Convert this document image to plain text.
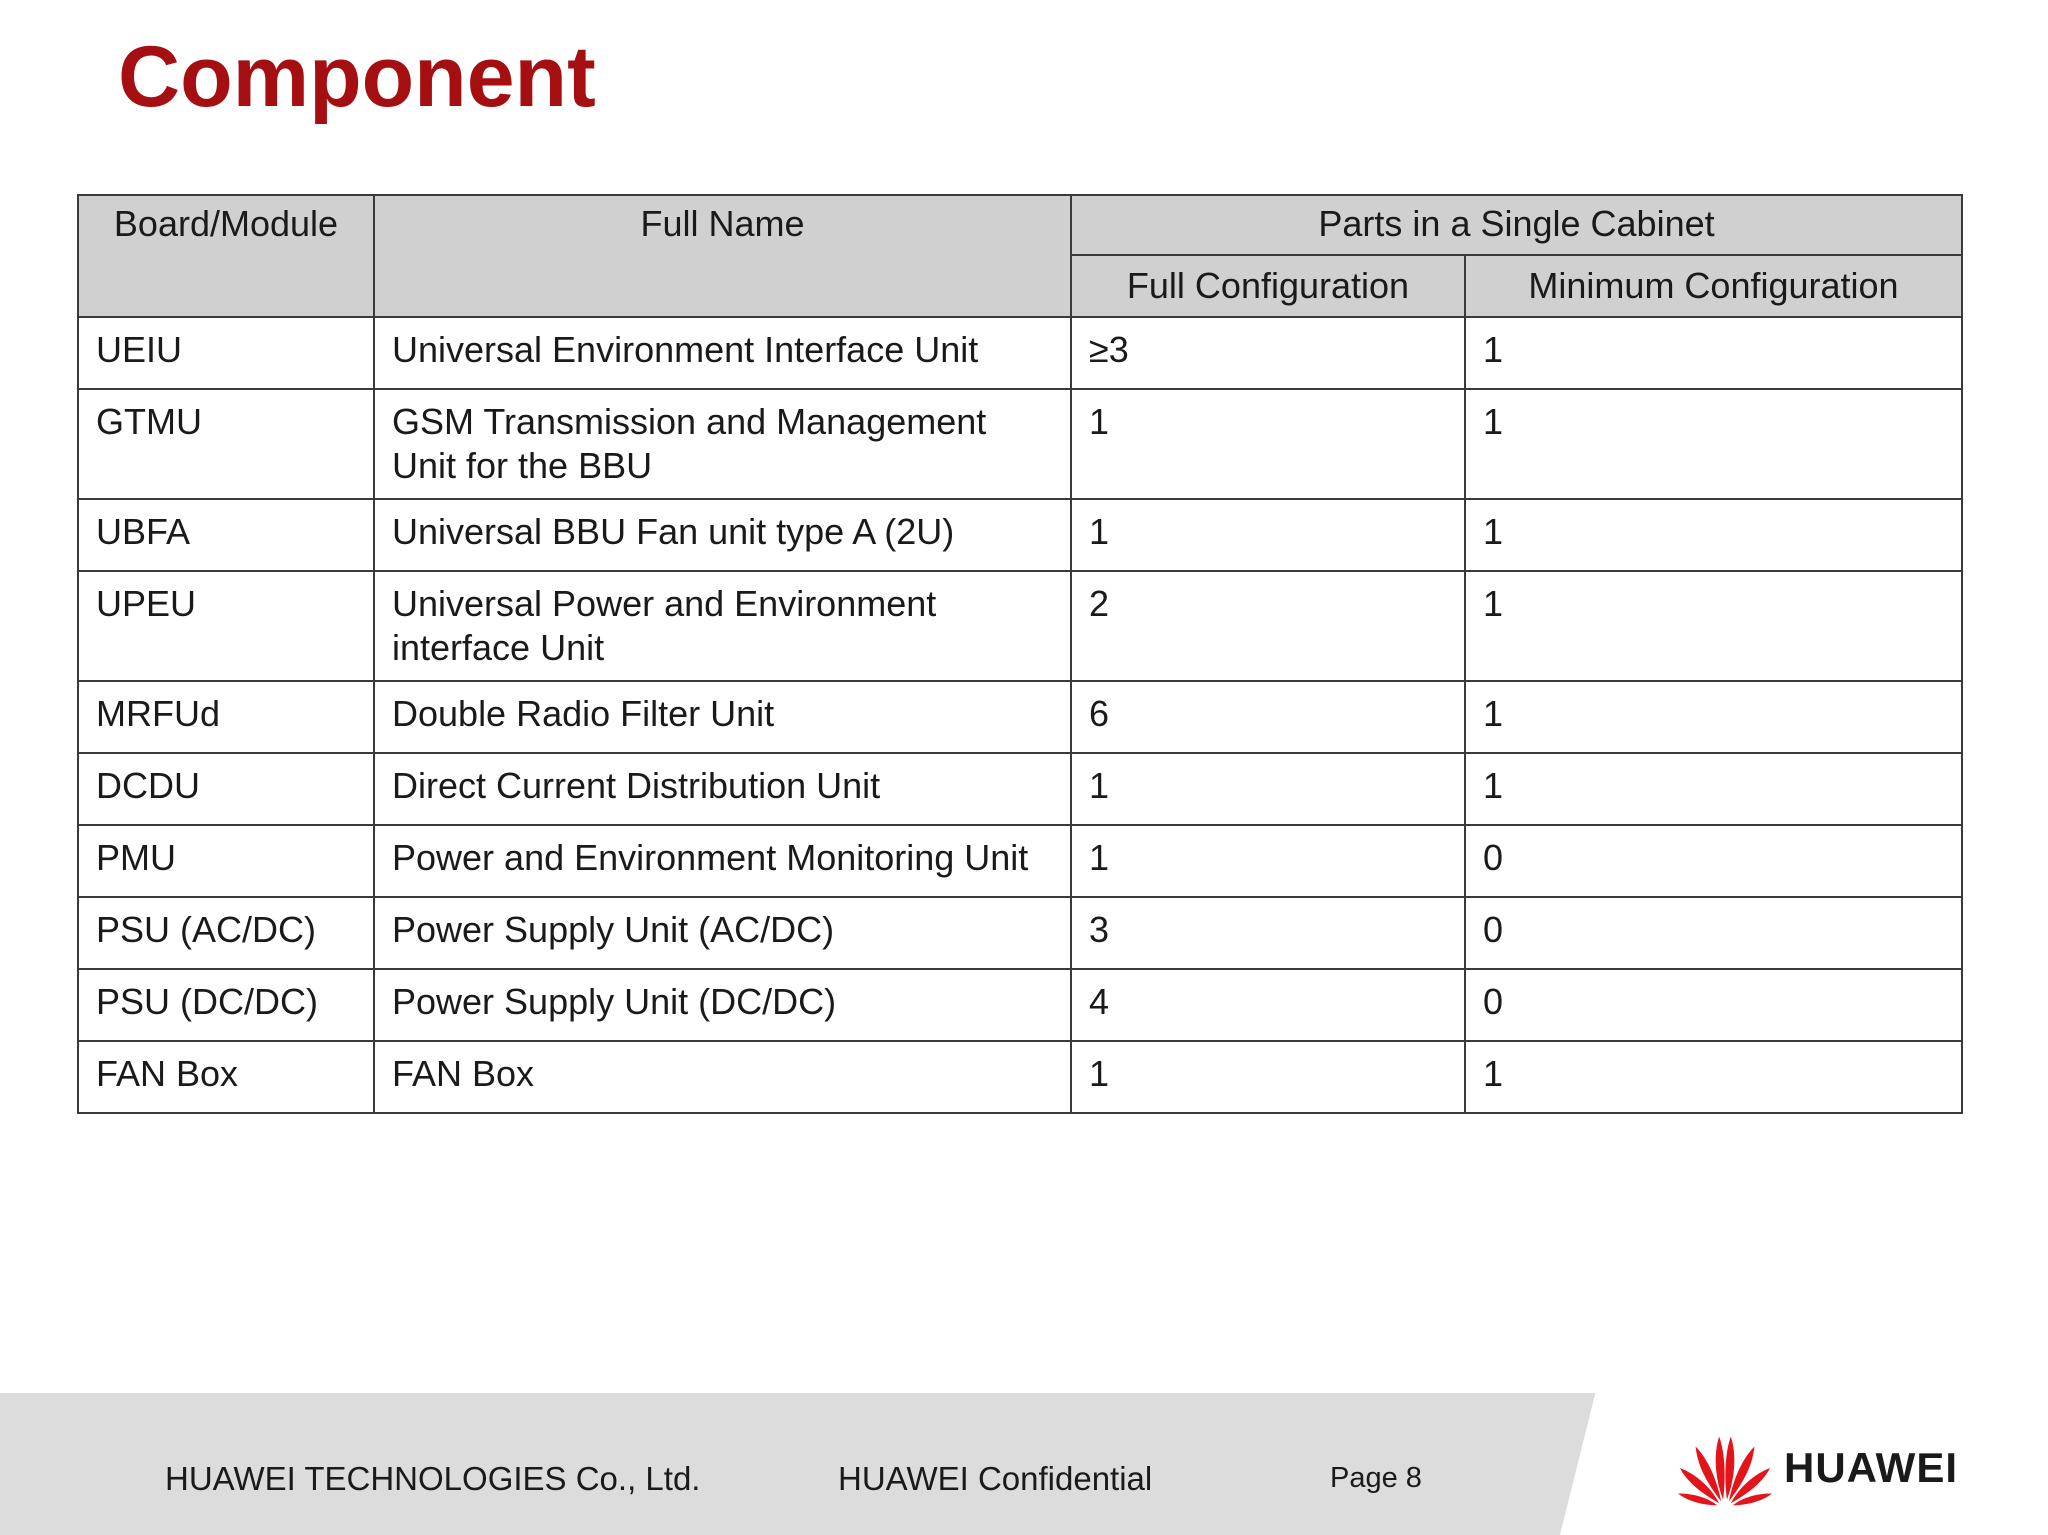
Component
Board/Module	Full Name	Parts in a Single Cabinet	
		Full Configuration	Minimum Configuration
UEIU	Universal Environment Interface Unit	≥3	1
GTMU	GSM Transmission and Management Unit for the BBU	1	1
UBFA	Universal BBU Fan unit type A (2U)	1	1
UPEU	Universal Power and Environment interface Unit	2	1
MRFUd	Double Radio Filter Unit	6	1
DCDU	Direct Current Distribution Unit	1	1
PMU	Power and Environment Monitoring Unit	1	0
PSU (AC/DC)	Power Supply Unit (AC/DC)	3	0
PSU (DC/DC)	Power Supply Unit (DC/DC)	4	0
FAN Box	FAN Box	1	1
HUAWEI TECHNOLOGIES Co., Ltd.	HUAWEI Confidential	Page 8	HUAWEI
